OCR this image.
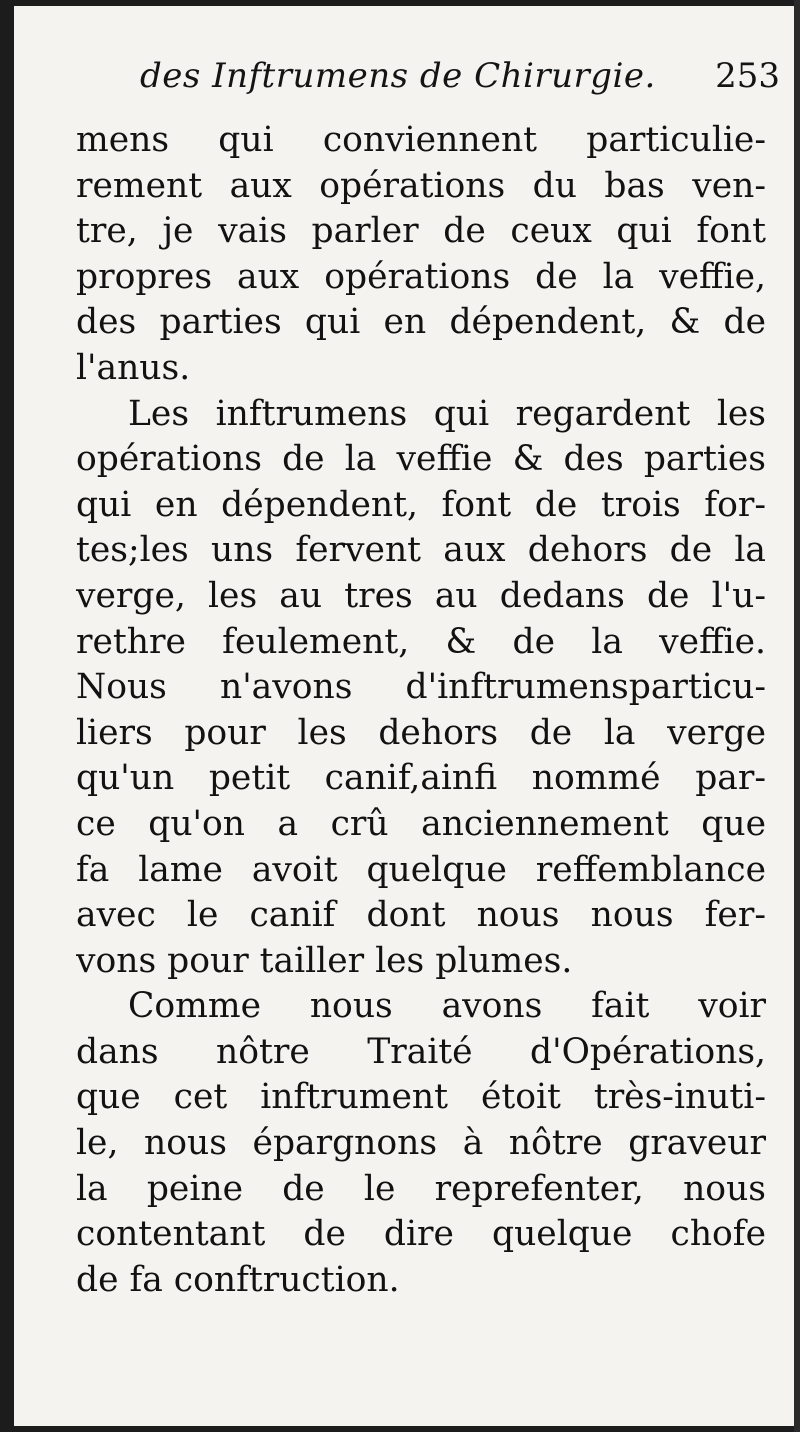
des Inftrumens de Chirurgie. 253
mens qui conviennent particulie-
rement aux opérations du bas ven-
tre, je vais parler de ceux qui font
propres aux opérations de la veffie,
des parties qui en dépendent, & de
l'anus.
Les inftrumens qui regardent les
opérations de la veffie & des parties
qui en dépendent, font de trois for-
tes;les uns fervent aux dehors de la
verge, les au tres au dedans de l'u-
rethre feulement, & de la veffie.
Nous n'avons d'inftrumensparticu-
liers pour les dehors de la verge
qu'un petit canif,ainfi nommé par-
ce qu'on a crû anciennement que
fa lame avoit quelque reffemblance
avec le canif dont nous nous fer-
vons pour tailler les plumes.
Comme nous avons fait voir
dans nôtre Traité d'Opérations,
que cet inftrument étoit très-inuti-
le, nous épargnons à nôtre graveur
la peine de le reprefenter, nous
contentant de dire quelque chofe
de fa conftruction.
